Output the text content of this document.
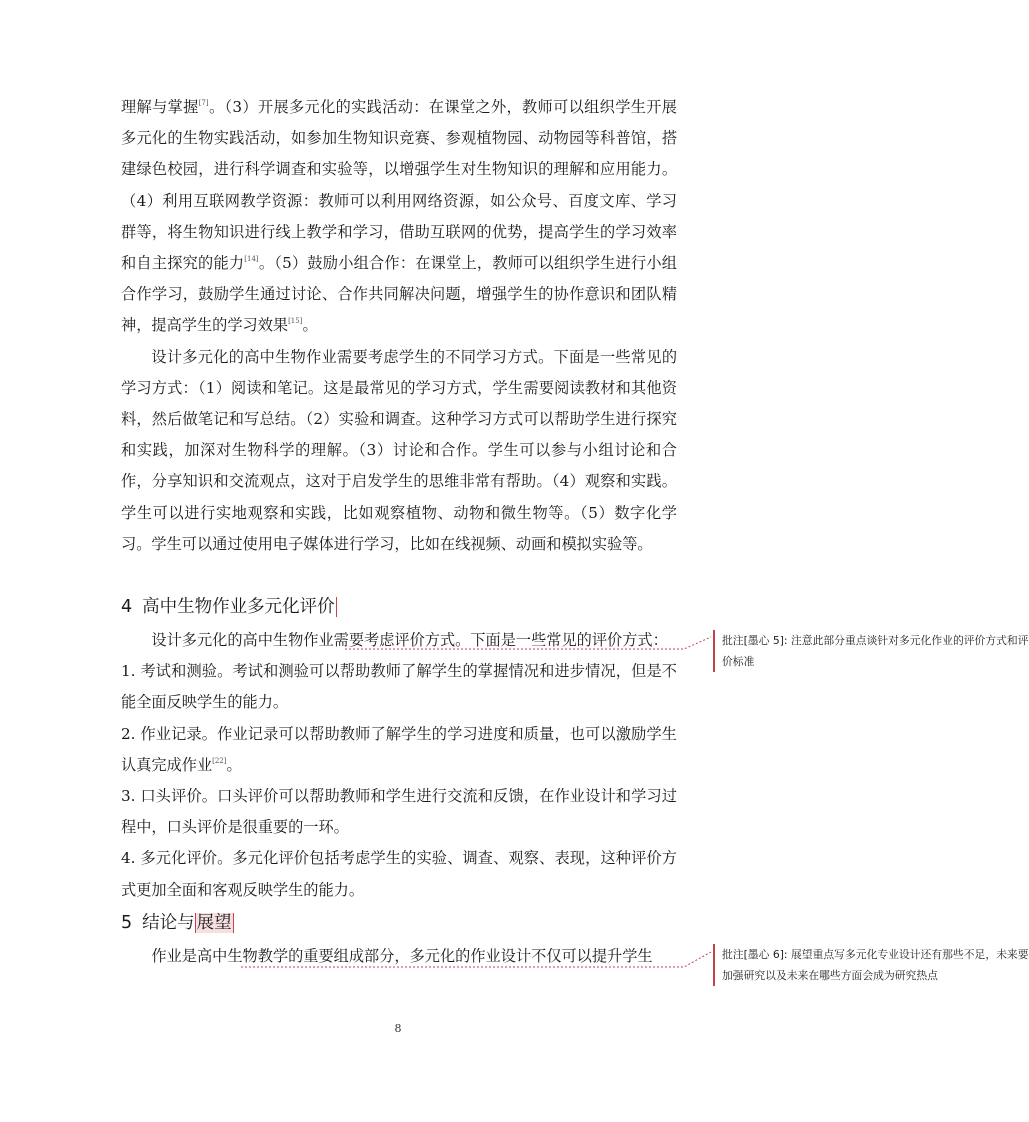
理解与掌握[7]。（3）开展多元化的实践活动：在课堂之外，教师可以组织学生开展多元化的生物实践活动，如参加生物知识竞赛、参观植物园、动物园等科普馆，搭建绿色校园，进行科学调查和实验等，以增强学生对生物知识的理解和应用能力。（4）利用互联网教学资源：教师可以利用网络资源，如公众号、百度文库、学习群等，将生物知识进行线上教学和学习，借助互联网的优势，提高学生的学习效率和自主探究的能力[14]。（5）鼓励小组合作：在课堂上，教师可以组织学生进行小组合作学习，鼓励学生通过讨论、合作共同解决问题，增强学生的协作意识和团队精神，提高学生的学习效果[15]。

设计多元化的高中生物作业需要考虑学生的不同学习方式。下面是一些常见的学习方式：（1）阅读和笔记。这是最常见的学习方式，学生需要阅读教材和其他资料，然后做笔记和写总结。（2）实验和调查。这种学习方式可以帮助学生进行探究和实践，加深对生物科学的理解。（3）讨论和合作。学生可以参与小组讨论和合作，分享知识和交流观点，这对于启发学生的思维非常有帮助。（4）观察和实践。学生可以进行实地观察和实践，比如观察植物、动物和微生物等。（5）数字化学习。学生可以通过使用电子媒体进行学习，比如在线视频、动画和模拟实验等。

4 高中生物作业多元化评价

设计多元化的高中生物作业需要考虑评价方式。下面是一些常见的评价方式：

1. 考试和测验。考试和测验可以帮助教师了解学生的掌握情况和进步情况，但是不能全面反映学生的能力。

2. 作业记录。作业记录可以帮助教师了解学生的学习进度和质量，也可以激励学生认真完成作业[22]。

3. 口头评价。口头评价可以帮助教师和学生进行交流和反馈，在作业设计和学习过程中，口头评价是很重要的一环。

4. 多元化评价。多元化评价包括考虑学生的实验、调查、观察、表现，这种评价方式更加全面和客观反映学生的能力。

5 结论与 展望

作业是高中生物教学的重要组成部分，多元化的作业设计不仅可以提升学生

8
批注[墨心 5]: 注意此部分重点谈针对多元化作业的评价方式和评价标准
批注[墨心 6]: 展望重点写多元化专业设计还有那些不足，未来要加强研究以及未来在哪些方面会成为研究热点
